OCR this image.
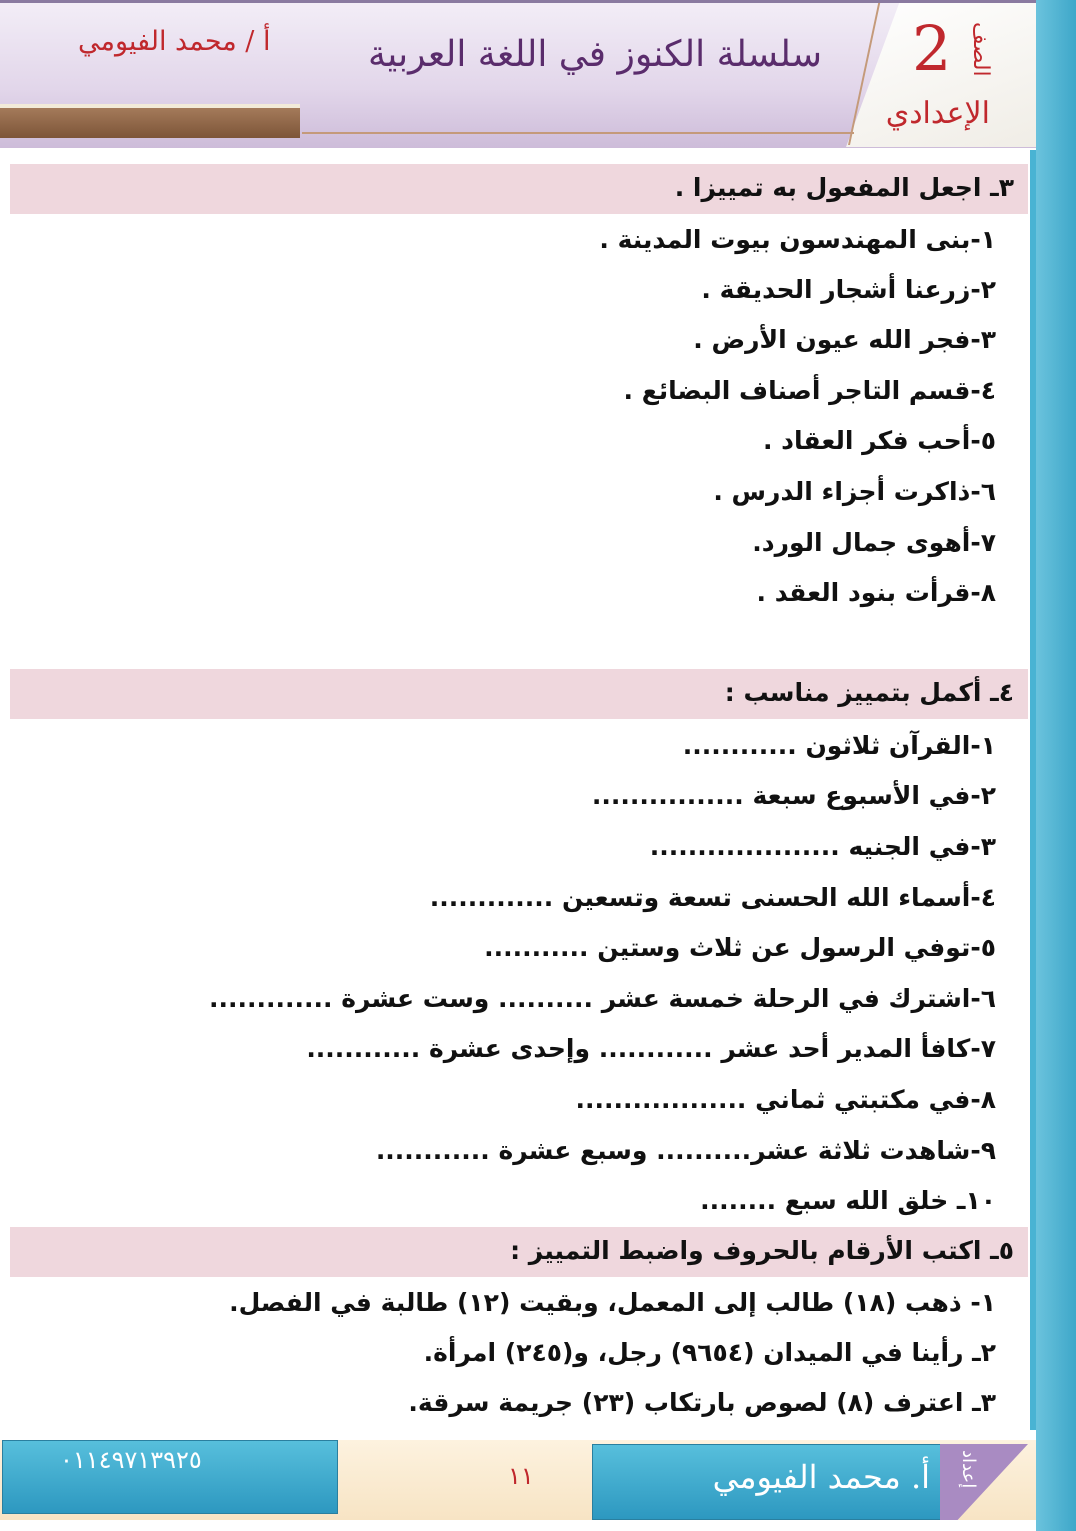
2 الصف
الإعدادي
سلسلة الكنوز في اللغة العربية
أ / محمد الفيومي
٣ـ اجعل المفعول به تمييزا .
١-بنى المهندسون بيوت المدينة .
٢-زرعنا أشجار الحديقة .
٣-فجر الله عيون الأرض .
٤-قسم التاجر أصناف البضائع .
٥-أحب فكر العقاد .
٦-ذاكرت أجزاء الدرس .
٧-أهوى جمال الورد.
٨-قرأت بنود العقد .
٤ـ أكمل بتمييز مناسب :
١-القرآن ثلاثون ............
٢-في الأسبوع سبعة ................
٣-في الجنيه ....................
٤-أسماء الله الحسنى تسعة وتسعين .............
٥-توفي الرسول عن ثلاث وستين ...........
٦-اشترك في الرحلة خمسة عشر .......... وست عشرة .............
٧-كافأ المدير أحد عشر ............ وإحدى عشرة ............
٨-في مكتبتي ثماني ..................
٩-شاهدت ثلاثة عشر.......... وسبع عشرة ............
١٠ـ خلق الله سبع ........
٥ـ اكتب الأرقام بالحروف واضبط التمييز :
١- ذهب (١٨) طالب إلى المعمل، وبقيت (١٢) طالبة في الفصل.
٢ـ رأينا في الميدان (٩٦٥٤) رجل، و(٢٤٥) امرأة.
٣ـ اعترف (٨) لصوص بارتكاب (٢٣) جريمة سرقة.
٠١١٤٩٧١٣٩٢٥
١١	أ. محمد الفيومي إعداد
